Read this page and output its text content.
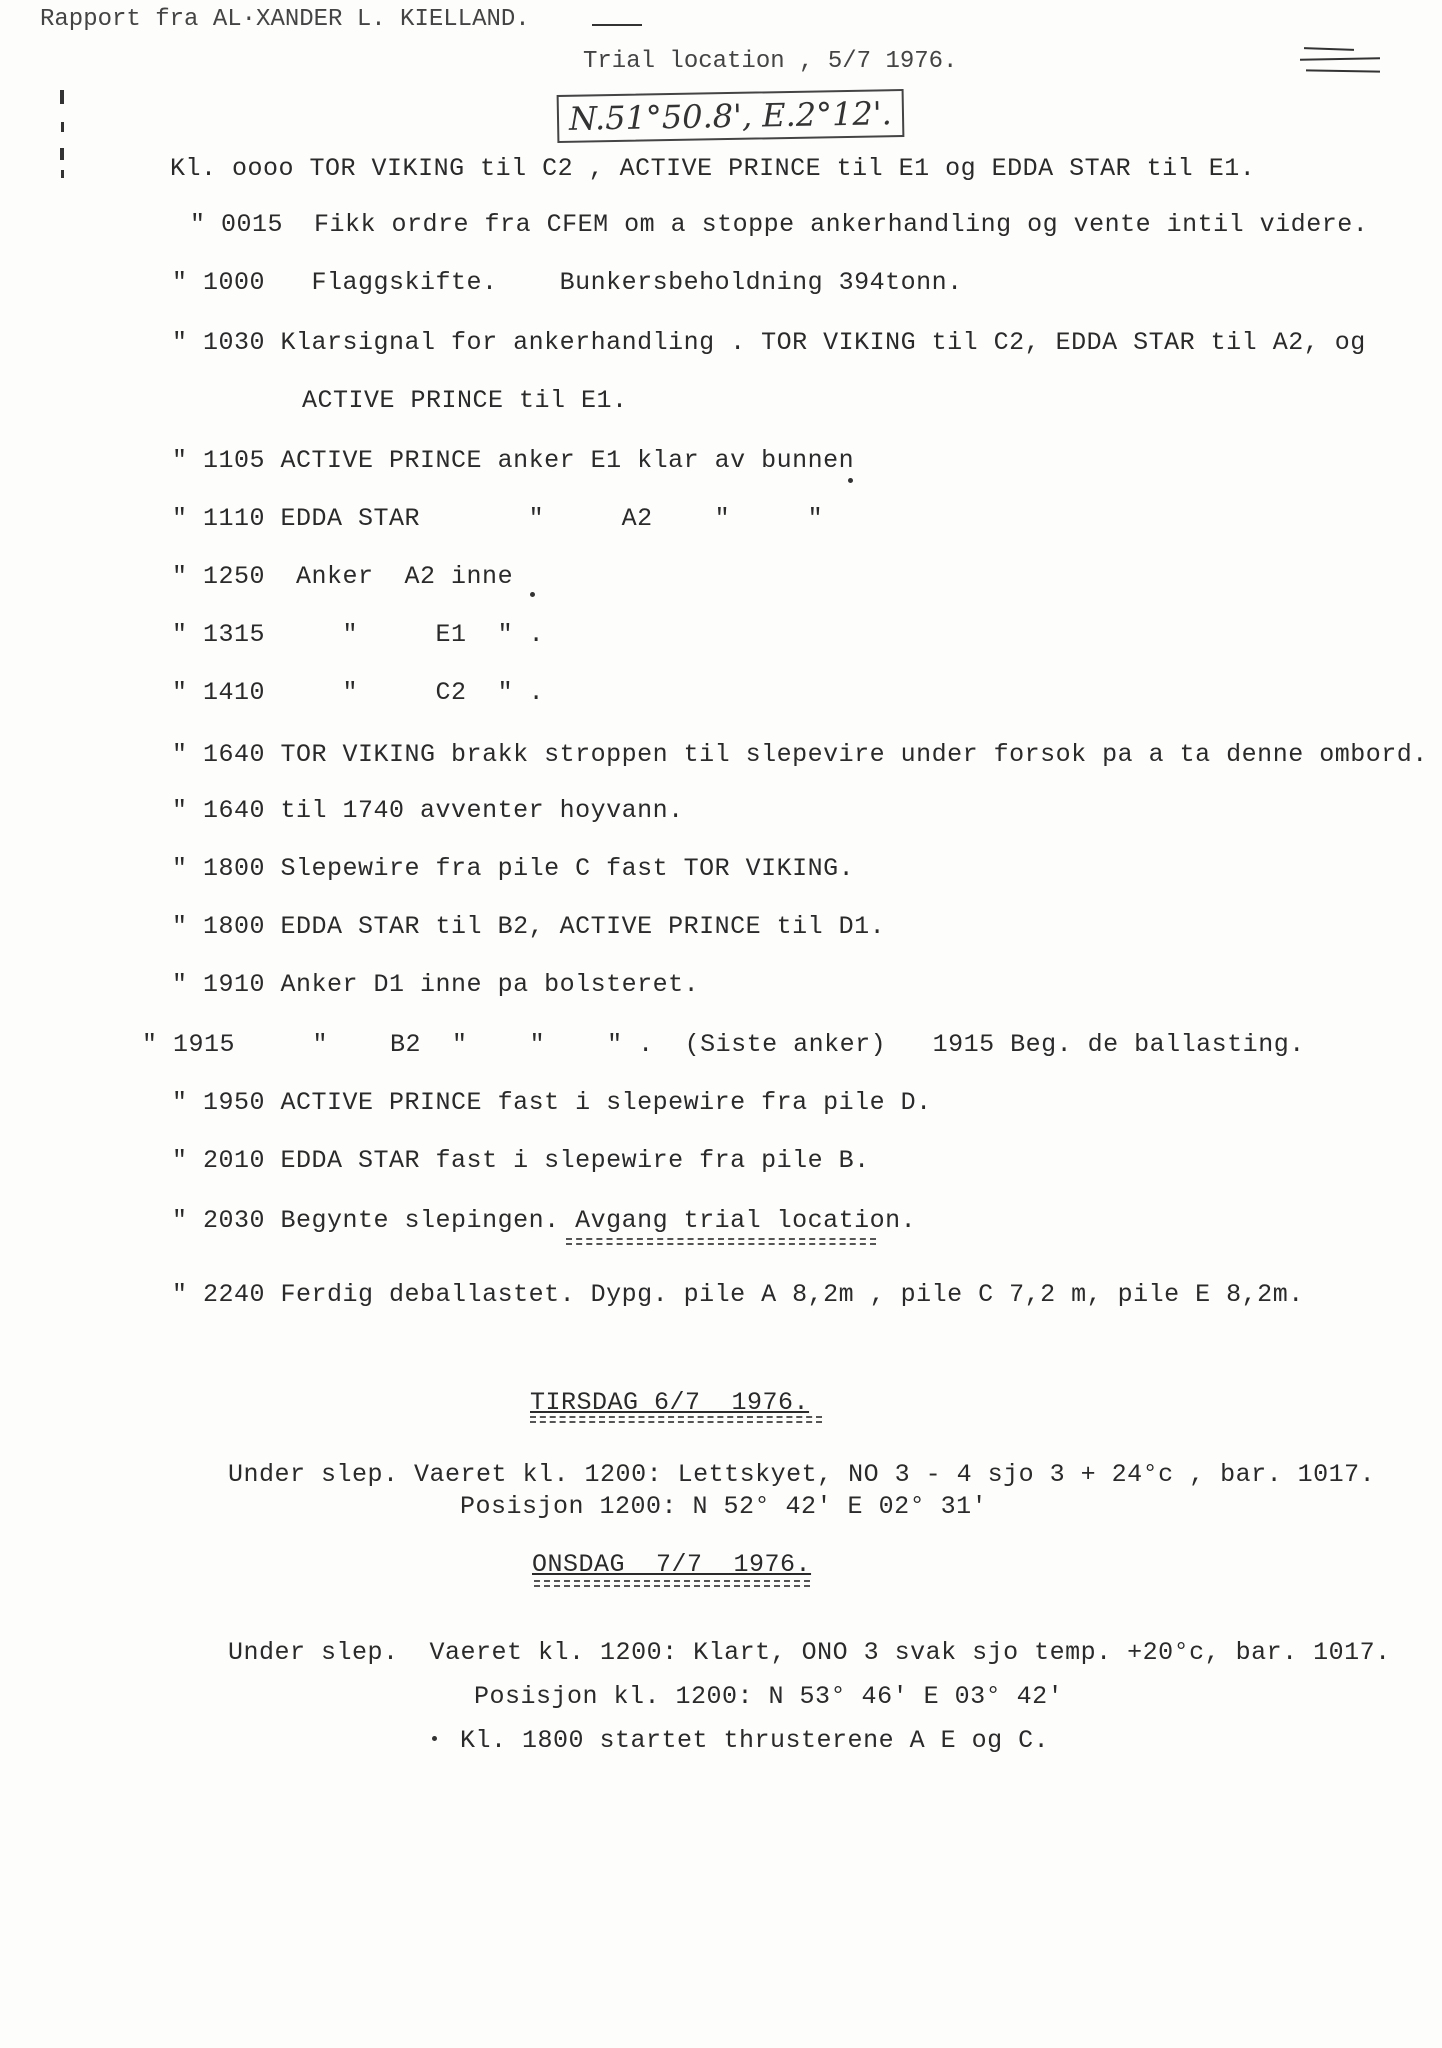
Rapport fra AL·XANDER L. KIELLAND.
Trial location , 5/7 1976.
N.51°50.8', E.2°12'.
Kl. oooo TOR VIKING til C2 , ACTIVE PRINCE til E1 og EDDA STAR til E1.
" 0015 Fikk ordre fra CFEM om a stoppe ankerhandling og vente intil videre.
" 1000 Flaggskifte.    Bunkersbeholdning 394tonn.
" 1030 Klarsignal for ankerhandling . TOR VIKING til C2, EDDA STAR til A2, og
ACTIVE PRINCE til E1.
" 1105 ACTIVE PRINCE anker E1 klar av bunnen
" 1110 EDDA STAR       "     A2    "     "
" 1250 Anker  A2 inne
" 1315     "     E1  " .
" 1410     "     C2  " .
" 1640 TOR VIKING brakk stroppen til slepevire under forsok pa a ta denne ombord.
" 1640 til 1740 avventer hoyvann.
" 1800 Slepewire fra pile C fast TOR VIKING.
" 1800 EDDA STAR til B2, ACTIVE PRINCE til D1.
" 1910 Anker D1 inne pa bolsteret.
" 1915     "    B2  "    "    " .  (Siste anker)   1915 Beg. de ballasting.
" 1950 ACTIVE PRINCE fast i slepewire fra pile D.
" 2010 EDDA STAR fast i slepewire fra pile B.
" 2030 Begynte slepingen. Avgang trial location.
" 2240 Ferdig deballastet. Dypg. pile A 8,2m , pile C 7,2 m, pile E 8,2m.
TIRSDAG 6/7  1976.
Under slep. Vaeret kl. 1200: Lettskyet, NO 3 - 4 sjo 3 + 24°c , bar. 1017.
Posisjon 1200: N 52° 42' E 02° 31'
ONSDAG  7/7  1976.
Under slep.  Vaeret kl. 1200: Klart, ONO 3 svak sjo temp. +20°c, bar. 1017.
Posisjon kl. 1200: N 53° 46' E 03° 42'
Kl. 1800 startet thrusterene A E og C.
